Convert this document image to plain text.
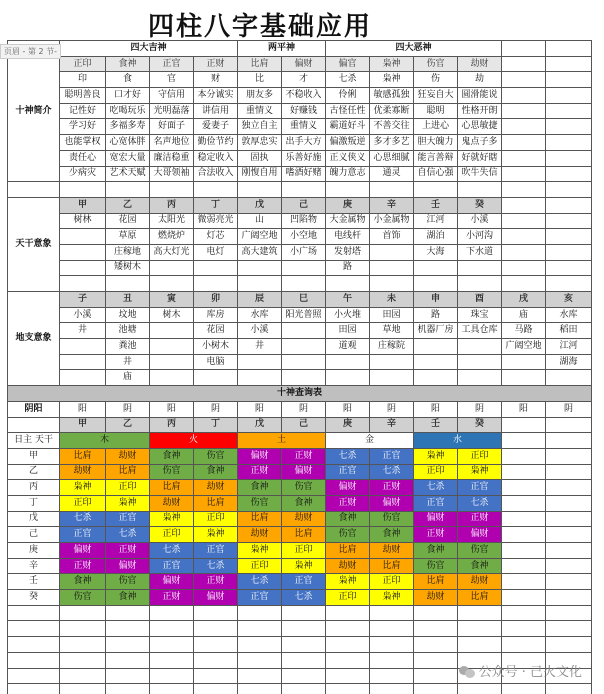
四柱八字基础应用
十神简介	四大吉神				两平神		四大恶神					
	正印	食神	正官	正财	比肩	偏财	偏官	枭神	伤官	劫财		
	印	食	官	财	比	才	七杀	枭神	伤	劫		
	聪明善良	口才好	守信用	本分诚实	朋友多	不稳收入	伶俐	敏感孤独	狂妄自大	圆滑能说		
	记性好	吃喝玩乐	光明磊落	讲信用	重情义	好赚钱	古怪任性	优柔寡断	聪明	性格开朗		
	学习好	多福多寿	好面子	爱妻子	独立自主	重情义	霸道好斗	不善交往	上进心	心思敏捷		
	也能掌权	心宽体胖	名声地位	勤俭节约	敦厚忠实	出手大方	偏激叛逆	多才多艺	胆大魄力	鬼点子多		
	责任心	宽宏大量	廉洁稳重	稳定收入	固执	乐善好施	正义侠义	心思细腻	能言善辩	好就好瞎		
	少病灾	艺术天赋	大哥领袖	合法收入	刚愎自用	嗜酒好赌	魄力意志	通灵	自信心强	吹牛失信		

天干意象	甲	乙	丙	丁	戊	己	庚	辛	壬	癸		
	树林	花园	太阳光	微弱亮光	山	凹陷物	大金属物	小金属物	江河	小溪		
		草原	燃烧炉	灯芯	广阔空地	小空地	电线杆	首饰	湖泊	小河沟		
		庄稼地	高大灯光	电灯	高大建筑	小广场	发射塔		大海	下水道		
		矮树木					路					

地支意象	子	丑	寅	卯	辰	巳	午	未	申	酉	戌	亥
	小溪	坟地	树木	库房	水库	阳光普照	小火堆	田园	路	珠宝	庙	水库
	井	池塘		花园	小溪		田园	草地	机器厂房	工具仓库	马路	稻田
		粪池		小树木	井		道观	庄稼院			广阔空地	江河
		井		电脑								湖海
		庙										
十神查询表												
阴阳	阳	阴	阳	阴	阳	阴	阳	阴	阳	阴	阳	阴
	甲	乙	丙	丁	戊	己	庚	辛	壬	癸		
日主 天干	木		火		土		金		水			
甲	比肩	劫财	食神	伤官	偏财	正财	七杀	正官	枭神	正印		
乙	劫财	比肩	伤官	食神	正财	偏财	正官	七杀	正印	枭神		
丙	枭神	正印	比肩	劫财	食神	伤官	偏财	正财	七杀	正官		
丁	正印	枭神	劫财	比肩	伤官	食神	正财	偏财	正官	七杀		
戊	七杀	正官	枭神	正印	比肩	劫财	食神	伤官	偏财	正财		
己	正官	七杀	正印	枭神	劫财	比肩	伤官	食神	正财	偏财		
庚	偏财	正财	七杀	正官	枭神	正印	比肩	劫财	食神	伤官		
辛	正财	偏财	正官	七杀	正印	枭神	劫财	比肩	伤官	食神		
壬	食神	伤官	偏财	正财	七杀	正官	枭神	正印	比肩	劫财		
癸	伤官	食神	正财	偏财	正官	七杀	正印	枭神	劫财	比肩		

页眉 - 第 2 节-
公众号 · 己火文化
